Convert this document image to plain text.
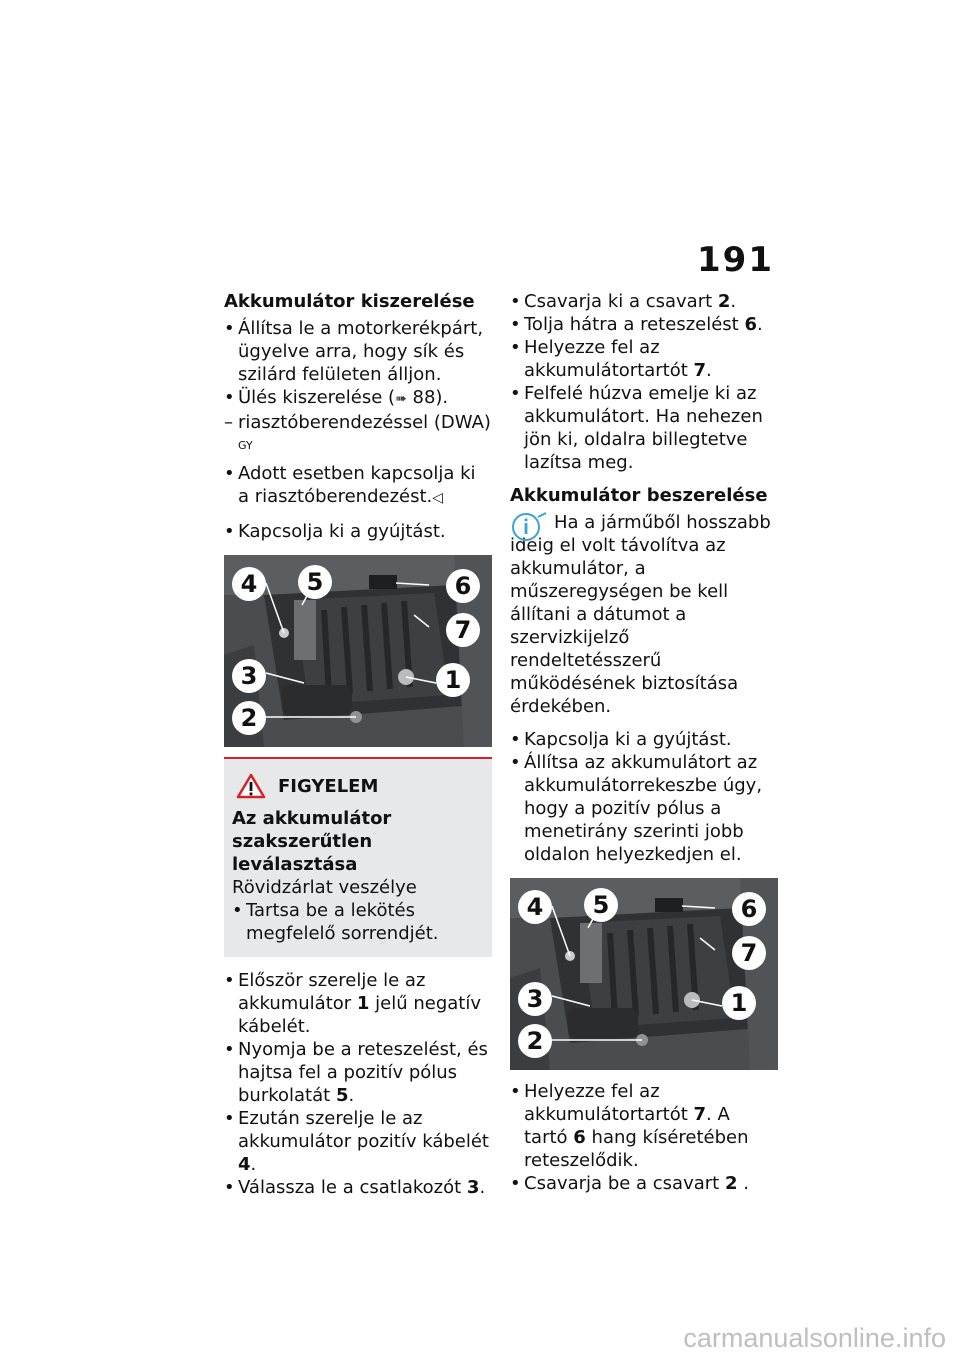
191

Akkumulátor kiszerelése

• Állítsa le a motorkerékpárt, ügyelve arra, hogy sík és szilárd felületen álljon.

• Ülés kiszerelése (➠ 88).

– riasztóberendezéssel (DWA) $^{GY}$

• Adott esetben kapcsolja ki a riasztóberendezést.◁

• Kapcsolja ki a gyújtást.

4	5	6
7
3	1
2
FIGYELEM

Az akkumulátor szakszerűtlen leválasztása

Rövidzárlat veszélye

• Tartsa be a lekötés megfelelő sorrendjét.

• Először szerelje le az akkumulátor 1 jelű negatív kábelét.

• Nyomja be a reteszelést, és hajtsa fel a pozitív pólus burkolatát 5.

• Ezután szerelje le az akkumulátor pozitív kábelét 4.

• Válassza le a csatlakozót 3.

• Csavarja ki a csavart 2.

• Tolja hátra a reteszelést 6.

• Helyezze fel az akkumulátortartót 7.

• Felfelé húzva emelje ki az akkumulátort. Ha nehezen jön ki, oldalra billegtetve lazítsa meg.

Akkumulátor beszerelése

Ha a járműből hosszabb ideig el volt távolítva az akkumulátor, a műszeregységen be kell állítani a dátumot a szervizkijelző rendeltetésszerű működésének biztosítása érdekében.

• Kapcsolja ki a gyújtást.

• Állítsa az akkumulátort az akkumulátorrekeszbe úgy, hogy a pozitív pólus a menetirány szerinti jobb oldalon helyezkedjen el.

4	5	6
7
3	1
2

• Helyezze fel az akkumulátortartót 7. A tartó 6 hang kíséretében reteszelődik.

• Csavarja be a csavart 2 .

carmanualsonline.info
